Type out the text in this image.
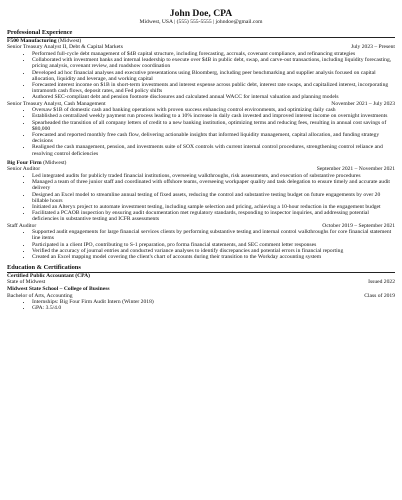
John Doe, CPA
Midwest, USA | (555) 555-5555 | johndoe@gmail.com
Professional Experience
F500 Manufacturing (Midwest)
Senior Treasury Analyst II, Debt & Capital Markets	July 2023 – Present
• Performed full-cycle debt management of $4B capital structure, including forecasting, accruals, covenant compliance, and refinancing strategies
• Collaborated with investment banks and internal leadership to execute over $4B in public debt, swap, and carve-out transactions, including liquidity forecasting, pricing analysis, covenant review, and roadshow coordination
• Developed ad hoc financial analyses and executive presentations using Bloomberg, including peer benchmarking and supplier analysis focused on capital allocation, liquidity and leverage, and working capital
• Forecasted interest income on $1B in short-term investments and interest expense across public debt, interest rate swaps, and capitalized interest, incorporating intramonth cash flows, deposit rates, and Fed policy shifts
• Authored SEC-compliant debt and pension footnote disclosures and calculated annual WACC for internal valuation and planning models
Senior Treasury Analyst, Cash Management	November 2021 – July 2023
• Oversaw $1B of domestic cash and banking operations with proven success enhancing control environments, and optimizing daily cash
• Established a centralized weekly payment run process leading to a 10% increase in daily cash invested and improved interest income on overnight investments
• Spearheaded the transition of all company letters of credit to a new banking institution, optimizing terms and reducing fees, resulting in annual cost savings of $80,000
• Forecasted and reported monthly free cash flow, delivering actionable insights that informed liquidity management, capital allocation, and funding strategy decisions
• Realigned the cash management, pension, and investments suite of SOX controls with current internal control procedures, strengthening control reliance and resolving control deficiencies
Big Four Firm (Midwest)
Senior Auditor	September 2021 – November 2021
• Led integrated audits for publicly traded financial institutions, overseeing walkthroughs, risk assessments, and execution of substantive procedures
• Managed a team of three junior staff and coordinated with offshore teams, overseeing workpaper quality and task delegation to ensure timely and accurate audit delivery
• Designed an Excel model to streamline annual testing of fixed assets, reducing the control and substantive testing budget on future engagements by over 20 billable hours
• Initiated an Alteryx project to automate investment testing, including sample selection and pricing, achieving a 10-hour reduction in the engagement budget
• Facilitated a PCAOB inspection by ensuring audit documentation met regulatory standards, responding to inspector inquiries, and addressing potential deficiencies in substantive testing and ICFR assessments
Staff Auditor	October 2019 – September 2021
• Supported audit engagements for large financial services clients by performing substantive testing and internal control walkthroughs for core financial statement line items
• Participated in a client IPO, contributing to S-1 preparation, pro forma financial statements, and SEC comment letter responses
• Verified the accuracy of journal entries and conducted variance analyses to identify discrepancies and potential errors in financial reporting
• Created an Excel mapping model covering the client's chart of accounts during their transition to the Workday accounting system
Education & Certifications
Certified Public Accountant (CPA)
State of Midwest	Issued 2022
Midwest State School – College of Business
Bachelor of Arts, Accounting	Class of 2019
• Internships: Big Four Firm Audit Intern (Winter 2018)
• GPA: 3.5/4.0
